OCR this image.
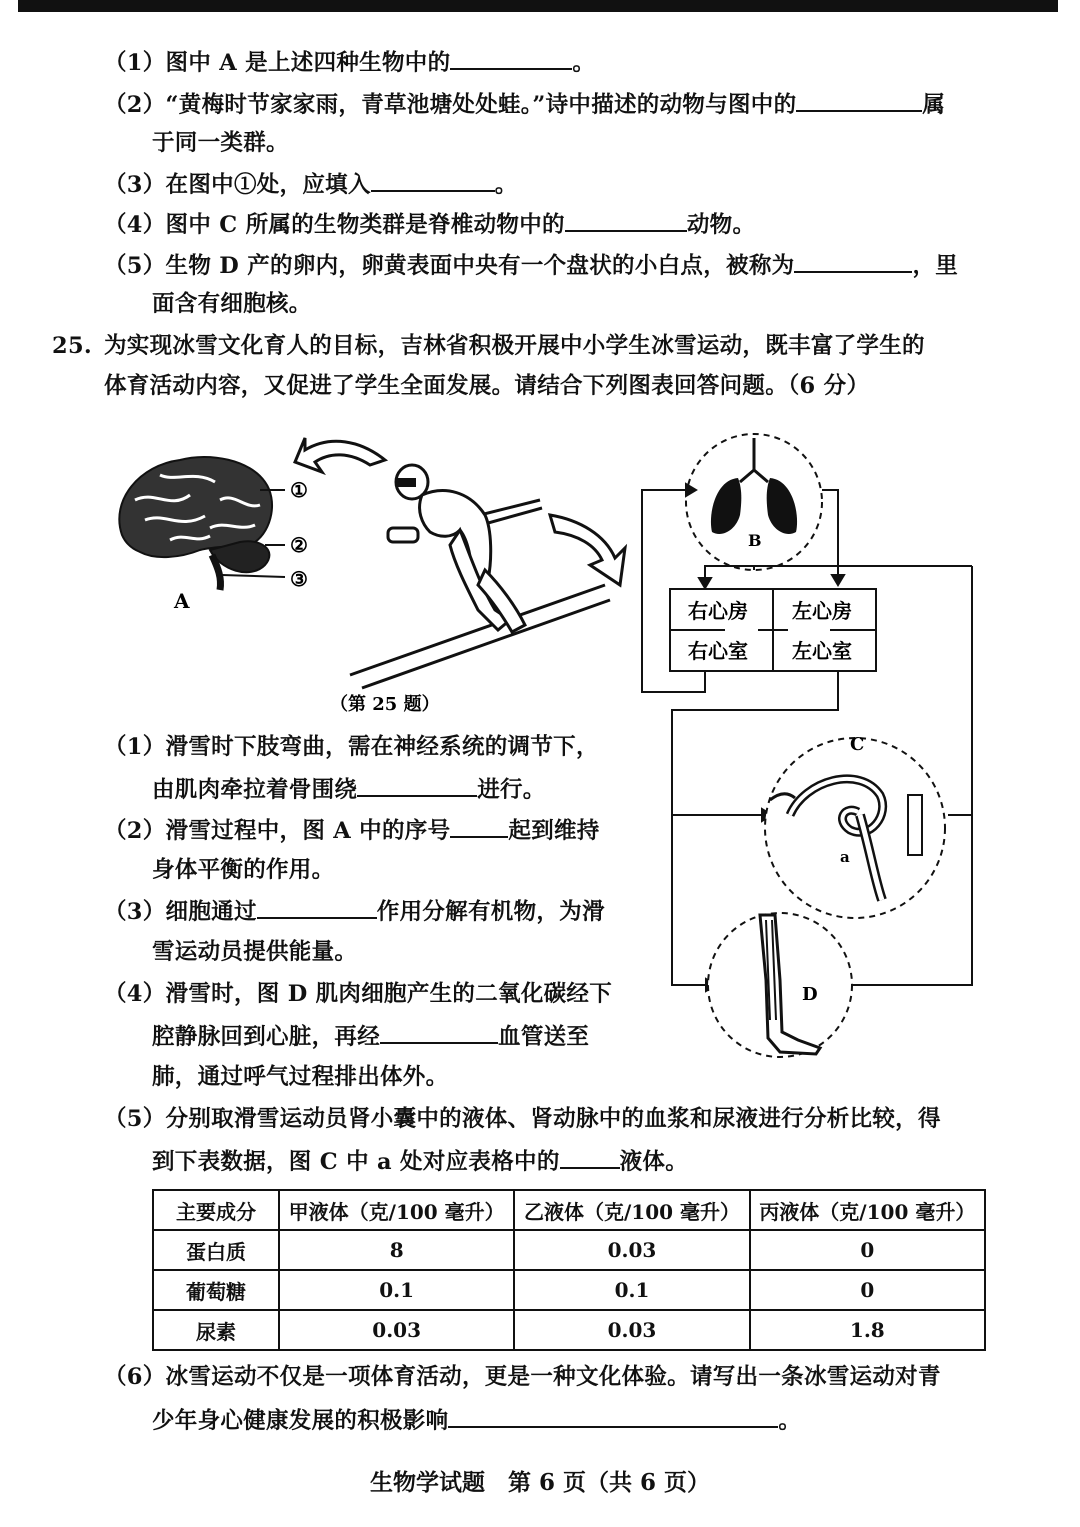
（1）图中 A 是上述四种生物中的	。
（2）“黄梅时节家家雨，青草池塘处处蛙。”诗中描述的动物与图中的	属
于同一类群。
（3）在图中①处，应填入	。
（4）图中 C 所属的生物类群是脊椎动物中的	动物。
（5）生物 D 产的卵内，卵黄表面中央有一个盘状的小白点，被称为	，里
面含有细胞核。
25. 为实现冰雪文化育人的目标，吉林省积极开展中小学生冰雪运动，既丰富了学生的
体育活动内容，又促进了学生全面发展。请结合下列图表回答问题。（6 分）
①
②
③
A
（第 25 题）
B
右心房 左心房
右心室 左心室
C
a
D
（1）滑雪时下肢弯曲，需在神经系统的调节下，
由肌肉牵拉着骨围绕	进行。
（2）滑雪过程中，图 A 中的序号	起到维持
身体平衡的作用。
（3）细胞通过	作用分解有机物，为滑
雪运动员提供能量。
（4）滑雪时，图 D 肌肉细胞产生的二氧化碳经下
腔静脉回到心脏，再经	血管送至
肺，通过呼气过程排出体外。
（5）分别取滑雪运动员肾小囊中的液体、肾动脉中的血浆和尿液进行分析比较，得
到下表数据，图 C 中 a 处对应表格中的	液体。
主要成分	甲液体（克/100 毫升）	乙液体（克/100 毫升）	丙液体（克/100 毫升）
蛋白质	8	0.03	0
葡萄糖	0.1	0.1	0
尿素	0.03	0.03	1.8
（6）冰雪运动不仅是一项体育活动，更是一种文化体验。请写出一条冰雪运动对青
少年身心健康发展的积极影响	。
生物学试题　第 6 页（共 6 页）
